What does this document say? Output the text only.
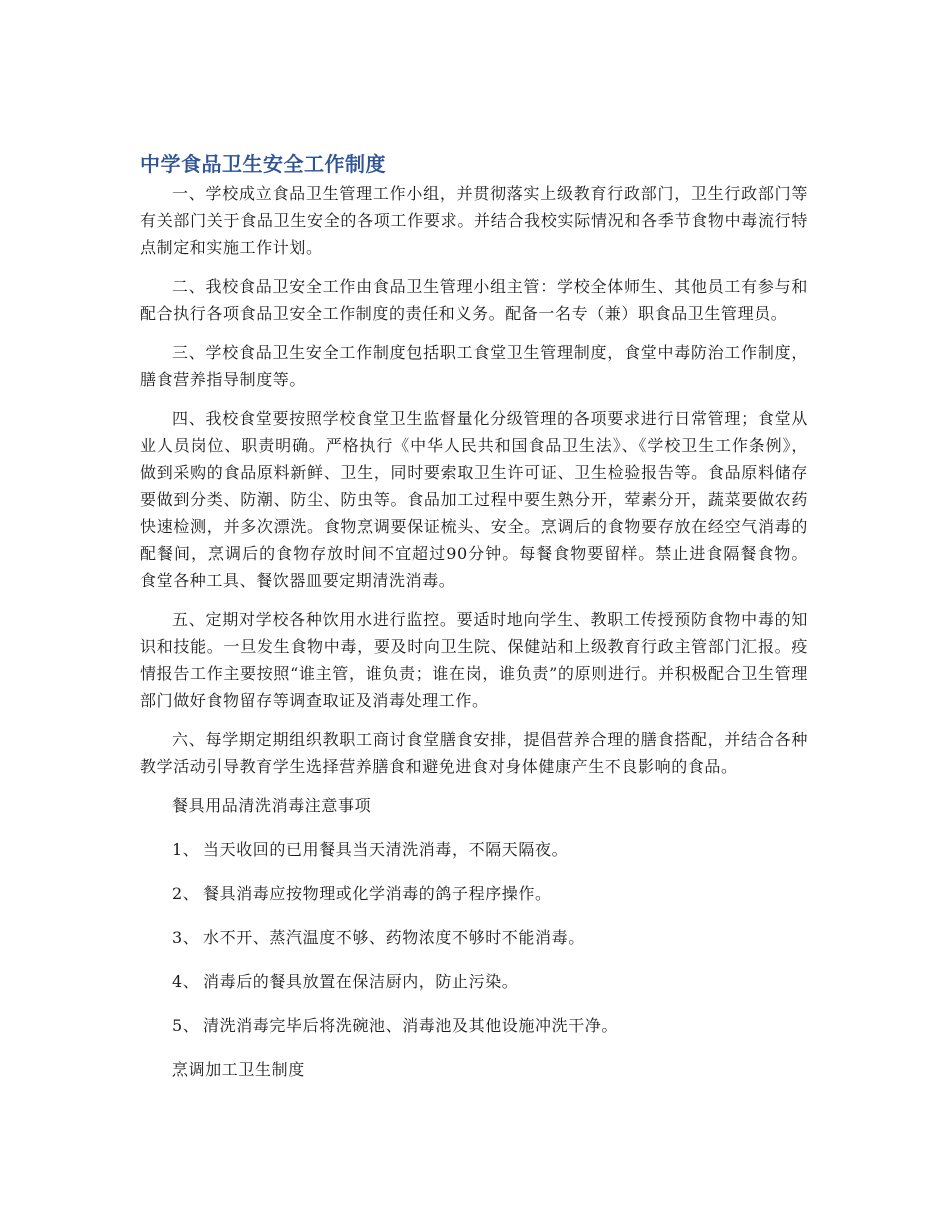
中学食品卫生安全工作制度

一、学校成立食品卫生管理工作小组，并贯彻落实上级教育行政部门，卫生行政部门等有关部门关于食品卫生安全的各项工作要求。并结合我校实际情况和各季节食物中毒流行特点制定和实施工作计划。

二、我校食品卫安全工作由食品卫生管理小组主管：学校全体师生、其他员工有参与和配合执行各项食品卫安全工作制度的责任和义务。配备一名专（兼）职食品卫生管理员。

三、学校食品卫生安全工作制度包括职工食堂卫生管理制度，食堂中毒防治工作制度，膳食营养指导制度等。

四、我校食堂要按照学校食堂卫生监督量化分级管理的各项要求进行日常管理；食堂从业人员岗位、职责明确。严格执行《中华人民共和国食品卫生法》、《学校卫生工作条例》，做到采购的食品原料新鲜、卫生，同时要索取卫生许可证、卫生检验报告等。食品原料储存要做到分类、防潮、防尘、防虫等。食品加工过程中要生熟分开，荤素分开，蔬菜要做农药快速检测，并多次漂洗。食物烹调要保证梳头、安全。烹调后的食物要存放在经空气消毒的配餐间，烹调后的食物存放时间不宜超过90分钟。每餐食物要留样。禁止进食隔餐食物。食堂各种工具、餐饮器皿要定期清洗消毒。

五、定期对学校各种饮用水进行监控。要适时地向学生、教职工传授预防食物中毒的知识和技能。一旦发生食物中毒，要及时向卫生院、保健站和上级教育行政主管部门汇报。疫情报告工作主要按照“谁主管，谁负责；谁在岗，谁负责”的原则进行。并积极配合卫生管理部门做好食物留存等调查取证及消毒处理工作。

六、每学期定期组织教职工商讨食堂膳食安排，提倡营养合理的膳食搭配，并结合各种教学活动引导教育学生选择营养膳食和避免进食对身体健康产生不良影响的食品。

餐具用品清洗消毒注意事项

1、 当天收回的已用餐具当天清洗消毒，不隔天隔夜。
2、 餐具消毒应按物理或化学消毒的鸽子程序操作。
3、 水不开、蒸汽温度不够、药物浓度不够时不能消毒。
4、 消毒后的餐具放置在保洁厨内，防止污染。
5、 清洗消毒完毕后将洗碗池、消毒池及其他设施冲洗干净。

烹调加工卫生制度
